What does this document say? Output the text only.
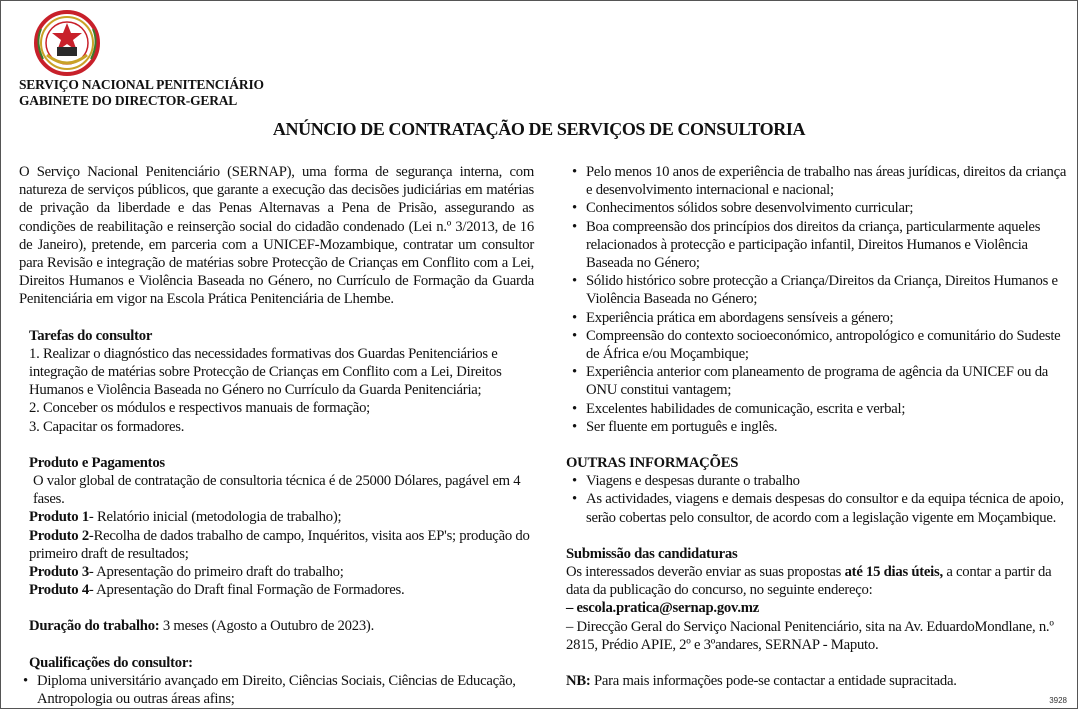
SERVIÇO NACIONAL PENITENCIÁRIO
GABINETE DO DIRECTOR-GERAL
ANÚNCIO DE CONTRATAÇÃO DE SERVIÇOS DE CONSULTORIA
O Serviço Nacional Penitenciário (SERNAP), uma forma de segurança interna, com natureza de serviços públicos, que garante a execução das decisões judiciárias em matérias de privação da liberdade e das Penas Alternavas a Pena de Prisão, assegurando as condições de reabilitação e reinserção social do cidadão condenado (Lei n.º 3/2013, de 16 de Janeiro), pretende, em parceria com a UNICEF-Mozambique, contratar um consultor para Revisão e integração de matérias sobre Protecção de Crianças em Conflito com a Lei, Direitos Humanos e Violência Baseada no Género, no Currículo de Formação da Guarda Penitenciária em vigor na Escola Prática Penitenciária de Lhembe.
Tarefas do consultor
1. Realizar o diagnóstico das necessidades formativas dos Guardas Penitenciários e integração de matérias sobre Protecção de Crianças em Conflito com a Lei, Direitos Humanos e Violência Baseada no Género no Currículo da Guarda Penitenciária;
2. Conceber os módulos e respectivos manuais de formação;
3. Capacitar os formadores.
Produto e Pagamentos
O valor global de contratação de consultoria técnica é de 25000 Dólares, pagável em 4 fases.
Produto 1- Relatório inicial (metodologia de trabalho);
Produto 2-Recolha de dados trabalho de campo, Inquéritos, visita aos EP's; produção do primeiro draft de resultados;
Produto 3- Apresentação do primeiro draft do trabalho;
Produto 4- Apresentação do Draft final Formação de Formadores.
Duração do trabalho: 3 meses (Agosto a Outubro de 2023).
Qualificações do consultor:
• Diploma universitário avançado em Direito, Ciências Sociais, Ciências de Educação, Antropologia ou outras áreas afins;
• Pelo menos 10 anos de experiência de trabalho nas áreas jurídicas, direitos da criança e desenvolvimento internacional e nacional;
• Conhecimentos sólidos sobre desenvolvimento curricular;
• Boa compreensão dos princípios dos direitos da criança, particularmente aqueles relacionados à protecção e participação infantil, Direitos Humanos e Violência Baseada no Género;
• Sólido histórico sobre protecção a Criança/Direitos da Criança, Direitos Humanos e Violência Baseada no Género;
• Experiência prática em abordagens sensíveis a género;
• Compreensão do contexto socioeconómico, antropológico e comunitário do Sudeste de África e/ou Moçambique;
• Experiência anterior com planeamento de programa de agência da UNICEF ou da ONU constitui vantagem;
• Excelentes habilidades de comunicação, escrita e verbal;
• Ser fluente em português e inglês.
OUTRAS INFORMAÇÕES
• Viagens e despesas durante o trabalho
• As actividades, viagens e demais despesas do consultor e da equipa técnica de apoio, serão cobertas pelo consultor, de acordo com a legislação vigente em Moçambique.
Submissão das candidaturas
Os interessados deverão enviar as suas propostas até 15 dias úteis, a contar a partir da data da publicação do concurso, no seguinte endereço:
– escola.pratica@sernap.gov.mz
– Direcção Geral do Serviço Nacional Penitenciário, sita na Av. EduardoMondlane, n.º 2815, Prédio APIE, 2º e 3ºandares, SERNAP - Maputo.
NB: Para mais informações pode-se contactar a entidade supracitada.
3928
